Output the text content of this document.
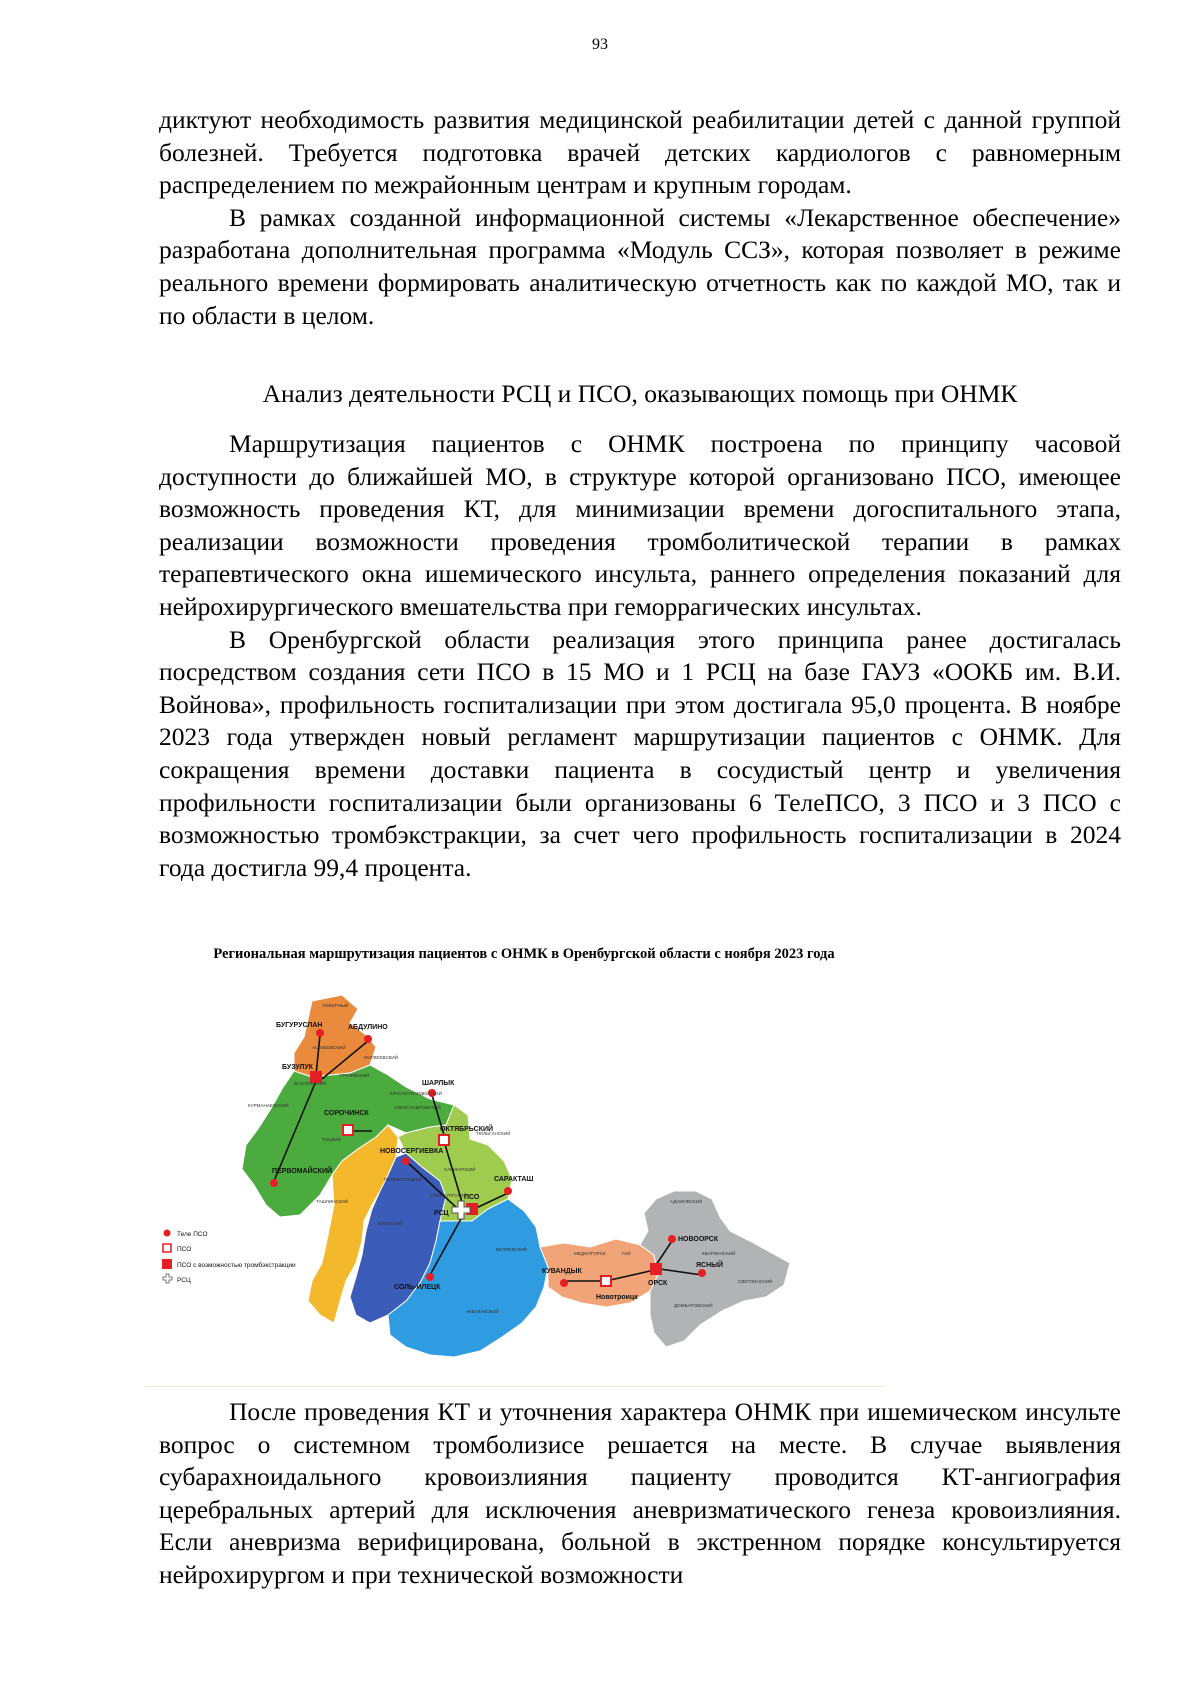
93

диктуют необходимость развития медицинской реабилитации детей с данной группой болезней. Требуется подготовка врачей детских кардиологов с равномерным распределением по межрайонным центрам и крупным городам.

В рамках созданной информационной системы «Лекарственное обеспечение» разработана дополнительная программа «Модуль ССЗ», которая позволяет в режиме реального времени формировать аналитическую отчетность как по каждой МО, так и по области в целом.

Анализ деятельности РСЦ и ПСО, оказывающих помощь при ОНМК

Маршрутизация пациентов с ОНМК построена по принципу часовой доступности до ближайшей МО, в структуре которой организовано ПСО, имеющее возможность проведения КТ, для минимизации времени догоспитального этапа, реализации возможности проведения тромболитической терапии в рамках терапевтического окна ишемического инсульта, раннего определения показаний для нейрохирургического вмешательства при геморрагических инсультах.

В Оренбургской области реализация этого принципа ранее достигалась посредством создания сети ПСО в 15 МО и 1 РСЦ на базе ГАУЗ «ООКБ им. В.И. Войнова», профильность госпитализации при этом достигала 95,0 процента. В ноябре 2023 года утвержден новый регламент маршрутизации пациентов с ОНМК. Для сокращения времени доставки пациента в сосудистый центр и увеличения профильности госпитализации были организованы 6 ТелеПСО, 3 ПСО и 3 ПСО с возможностью тромбэкстракции, за счет чего профильность госпитализации в 2024 года достигла 99,4 процента.

Региональная маршрутизация пациентов с ОНМК в Оренбургской области с ноября 2023 года
БУГУРУСЛАН	АБДУЛИНО
БУЗУЛУК
СОРОЧИНСК
ШАРЛЫК
ОКТЯБРЬСКИЙ
НОВОСЕРГИЕВКА
ПЕРВОМАЙСКИЙ
САРАКТАШ
ПСО
РСЦ
СОЛЬ-ИЛЕЦК
КУВАНДЫК
Новотроицк
ОРСК
НОВООРСК
ЯСНЫЙ
СЕВЕРНЫЙ
АСЕКЕЕВСКИЙ
МАТВЕЕВСКИЙ
БУЗУЛУКСКИЙ
ГРАЧЕВСКИЙ
КРАСНОГВАРДЕЙСКИЙ
АЛЕКСАНДРОВСКИЙ
КУРМАНАЕВСКИЙ
ТОЦКИЙ
ТЮЛЬГАНСКИЙ
САКМАРСКИЙ
ТАШЛИНСКИЙ
ПЕРЕВОЛОЦКИЙ
ИЛЕКСКИЙ
ОРЕНБУРГСКИЙ
БЕЛЯЕВСКИЙ
АКБУЛАКСКИЙ
МЕДНОГОРСК	ГАЙ
АДАМОВСКИЙ
КВАРКЕНСКИЙ
СВЕТЛИНСКИЙ
ДОМБАРОВСКИЙ
Теле ПСО
ПСО
ПСО с возможностью тромбэкстракции
РСЦ

После проведения КТ и уточнения характера ОНМК при ишемическом инсульте вопрос о системном тромболизисе решается на месте. В случае выявления субарахноидального кровоизлияния пациенту проводится КТ-ангиография церебральных артерий для исключения аневризматического генеза кровоизлияния. Если аневризма верифицирована, больной в экстренном порядке консультируется нейрохирургом и при технической возможности
